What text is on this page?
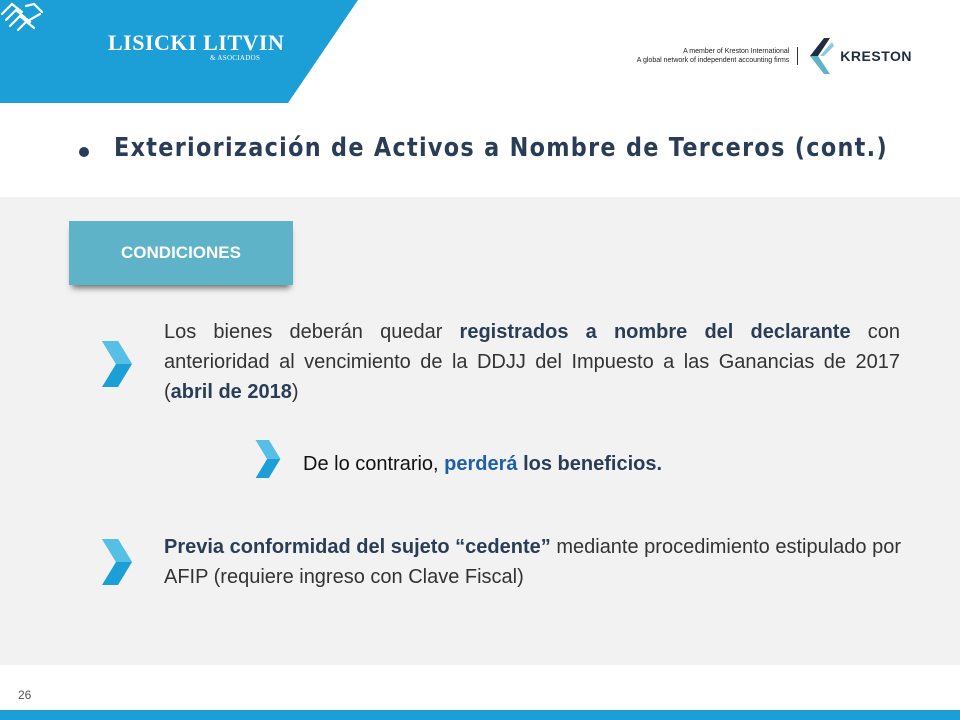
LISICKI LITVIN
& ASOCIADOS
A member of Kreston International
A global network of independent accounting firms	KRESTON
Exteriorización de Activos a Nombre de Terceros (cont.)
CONDICIONES
Los bienes deberán quedar registrados a nombre del declarante con anterioridad al vencimiento de la DDJJ del Impuesto a las Ganancias de 2017 (abril de 2018)
De lo contrario, perderá los beneficios.
Previa conformidad del sujeto “cedente” mediante procedimiento estipulado por AFIP (requiere ingreso con Clave Fiscal)
26
